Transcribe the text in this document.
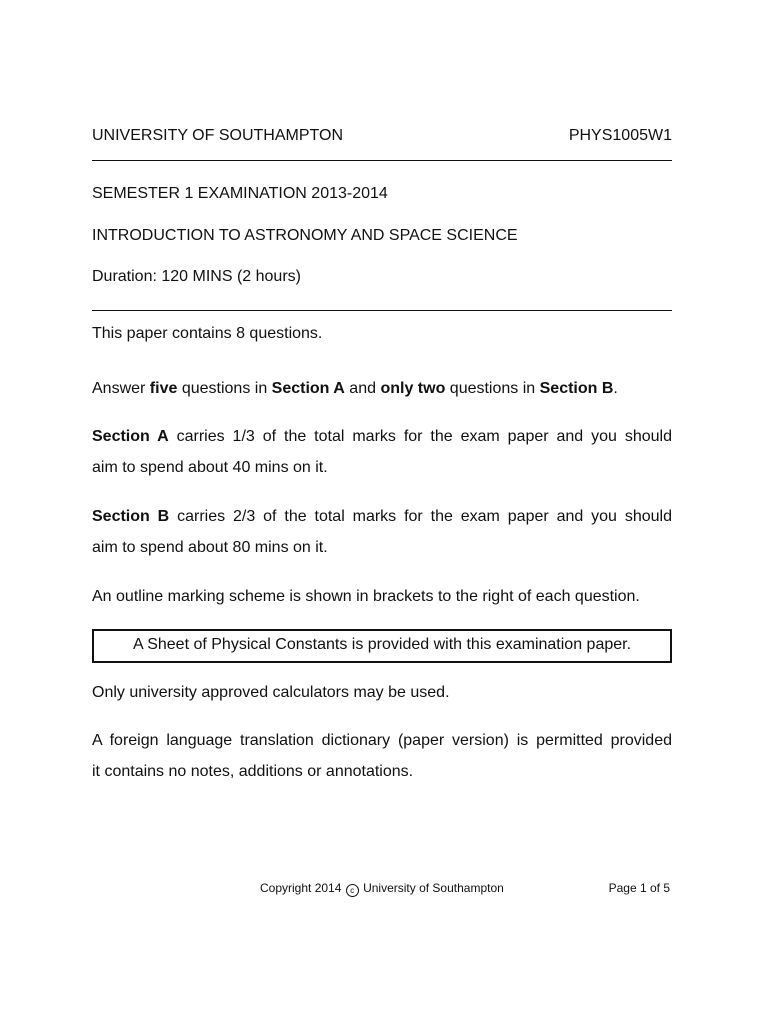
UNIVERSITY OF SOUTHAMPTON	PHYS1005W1
SEMESTER 1 EXAMINATION 2013-2014
INTRODUCTION TO ASTRONOMY AND SPACE SCIENCE
Duration: 120 MINS (2 hours)
This paper contains 8 questions.
Answer five questions in Section A and only two questions in Section B.
Section A carries 1/3 of the total marks for the exam paper and you should
aim to spend about 40 mins on it.
Section B carries 2/3 of the total marks for the exam paper and you should
aim to spend about 80 mins on it.
An outline marking scheme is shown in brackets to the right of each question.
A Sheet of Physical Constants is provided with this examination paper.
Only university approved calculators may be used.
A foreign language translation dictionary (paper version) is permitted provided
it contains no notes, additions or annotations.
Copyright 2014 c University of Southampton	Page 1 of 5
